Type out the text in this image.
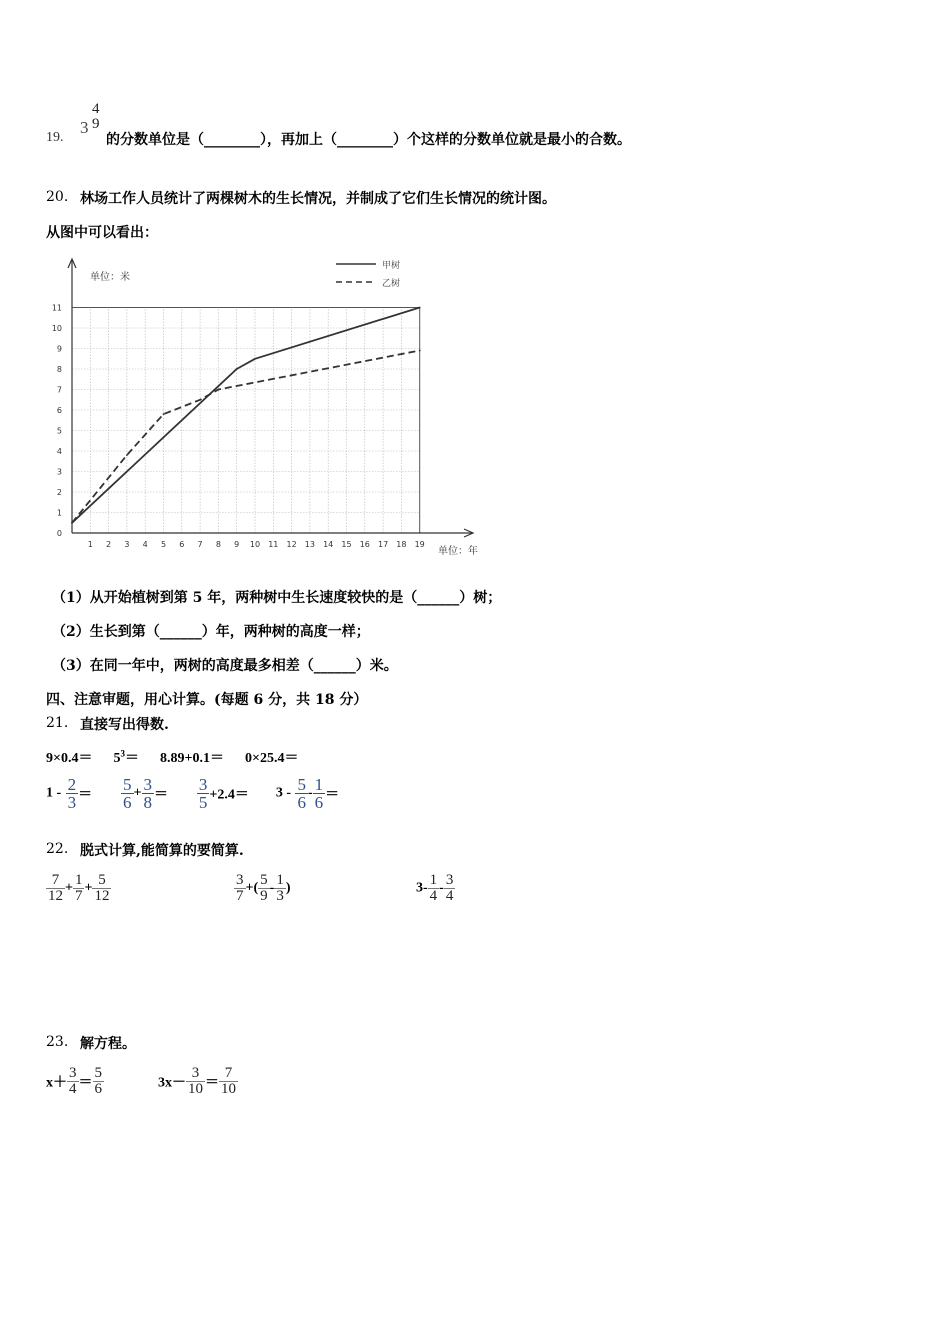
19.
3
4
9
的分数单位是（________），再加上（________）个这样的分数单位就是最小的合数。
20. 林场工作人员统计了两棵树木的生长情况，并制成了它们生长情况的统计图。
从图中可以看出：
0
1
2
3
4
5
6
7
8
9
10
11
1 2 3 4 5 6 7 8 9 10 11 12 13 14 15 16 17 18 19
甲树
乙树
单位：米
单位：年
（1）从开始植树到第 5 年，两种树中生长速度较快的是（______）树；
（2）生长到第（______）年，两种树的高度一样；
（3）在同一年中，两树的高度最多相差（______）米。
四、注意审题，用心计算。(每题 6 分，共 18 分）
21. 直接写出得数.
$9\times 0.4= 5^3= 8.89+0.1= 0\times 25.4=$
$1 - \frac{2}{3} = \frac{5}{6} + \frac{3}{8} = \frac{3}{5} +2.4= 3 - \frac{5}{6} - \frac{1}{6}$ ＝
22. 脱式计算,能简算的要简算.
$\frac{7}{12} + \frac{1}{7} + \frac{5}{12}$	$\frac{3}{7}$ +( $\frac{5}{9} - \frac{1}{3}$ )	$3- \frac{1}{4} - \frac{3}{4}$
23. 解方程。
$x+ \frac{3}{4} = \frac{5}{6}$	$3x- \frac{3}{10} = \frac{7}{10}$
